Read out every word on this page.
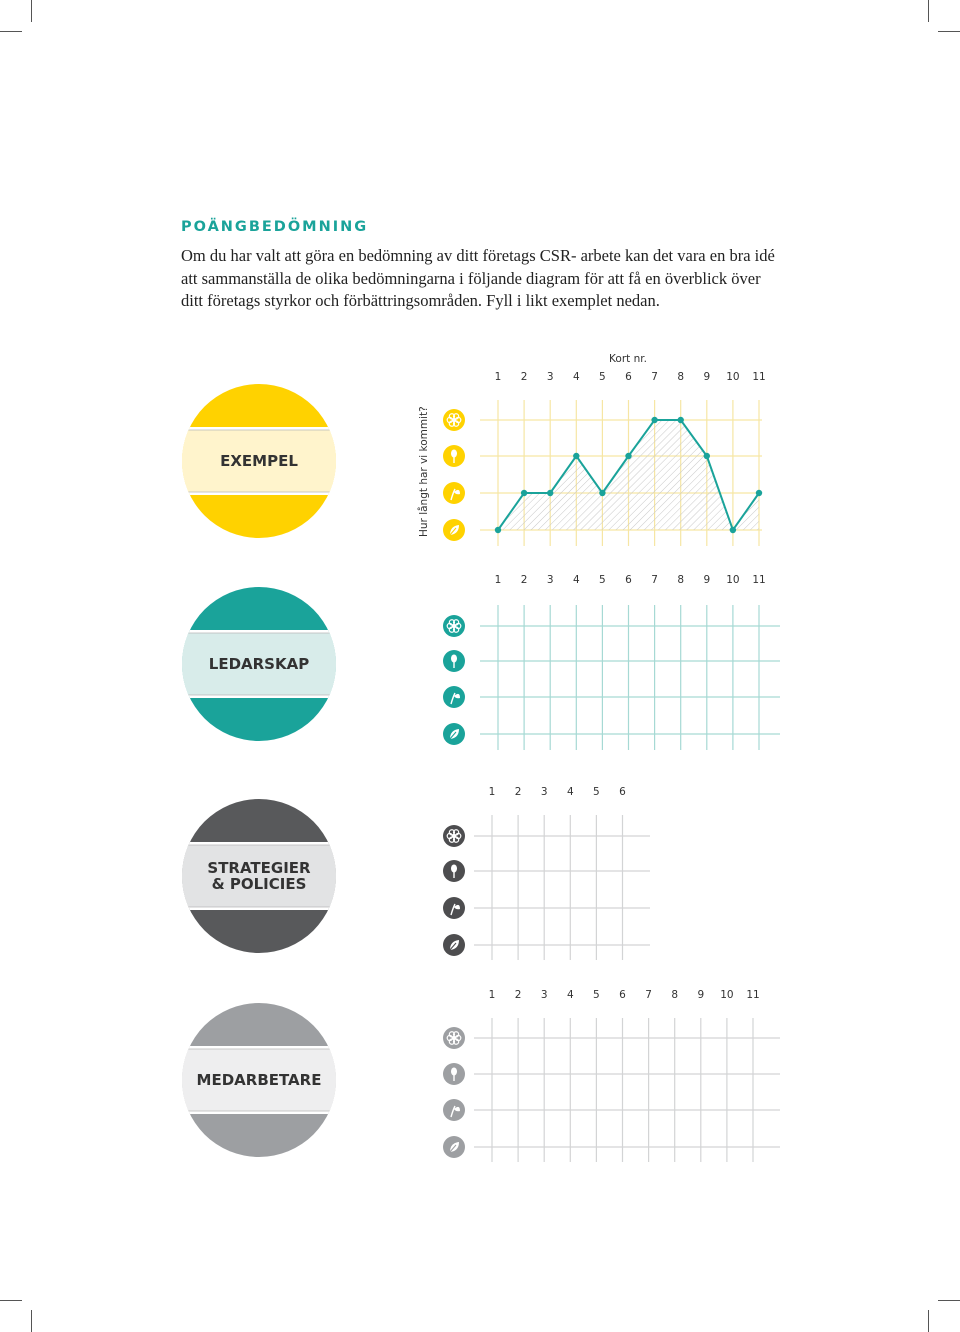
POÄNGBEDÖMNING
Om du har valt att göra en bedömning av ditt företags CSR- arbete kan det vara en bra idé
att sammanställa de olika bedömningarna i följande diagram för att få en överblick över
ditt företags styrkor och förbättringsområden. Fyll i likt exemplet nedan.
EXEMPEL
Kort nr.
Hur långt har vi kommit?
1 2 3 4 5 6 7 8 9 10 11
LEDARSKAP
1 2 3 4 5 6 7 8 9 10 11
STRATEGIER
& POLICIES
1 2 3 4 5 6
MEDARBETARE
1 2 3 4 5 6 7 8 9 10 11
